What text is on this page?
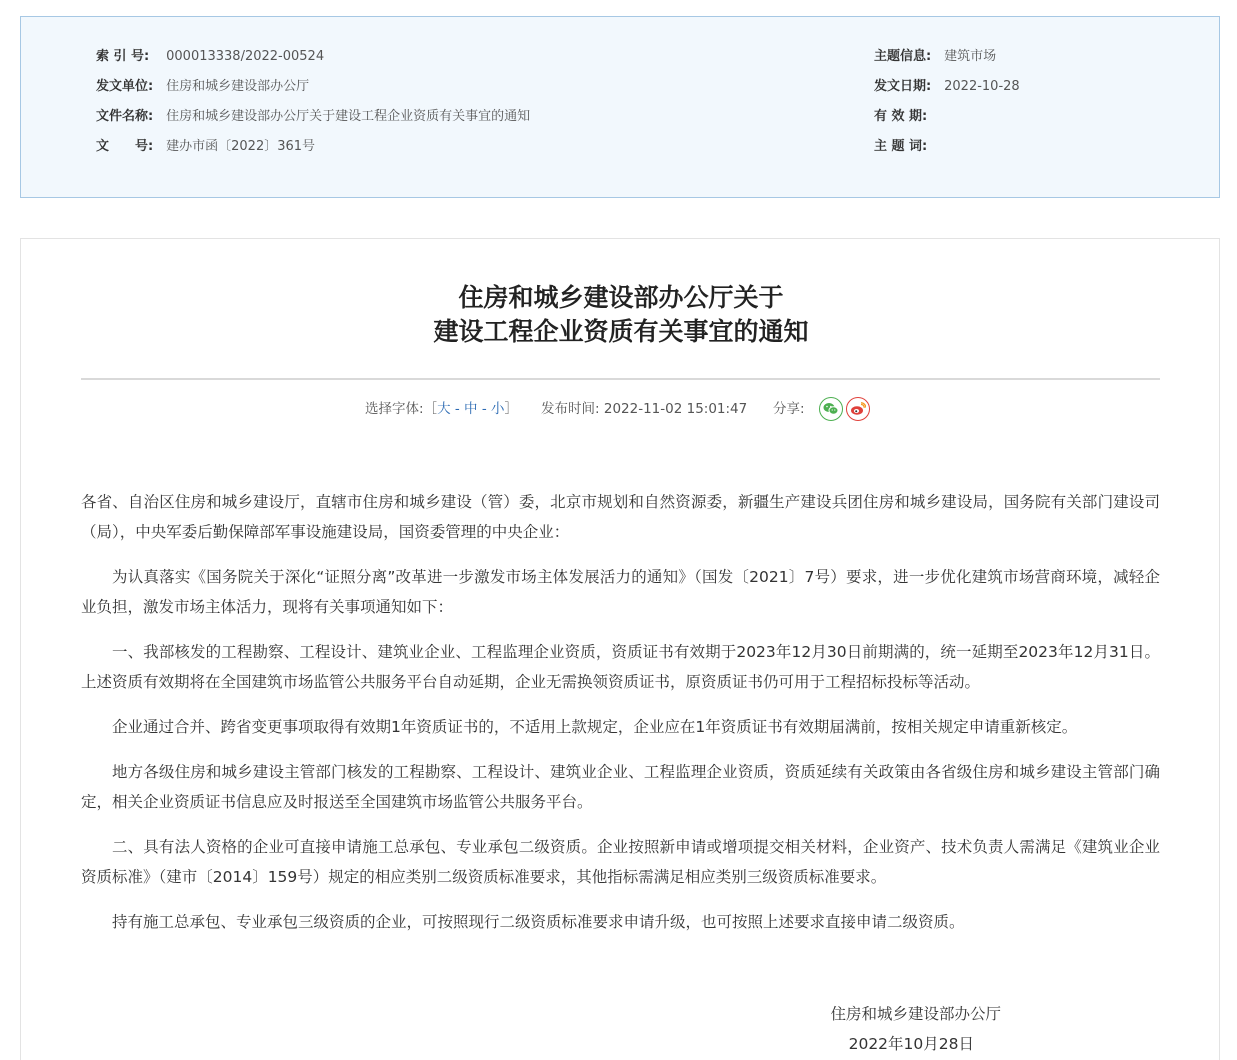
索 引 号: 000013338/2022-00524
发文单位: 住房和城乡建设部办公厅
文件名称: 住房和城乡建设部办公厅关于建设工程企业资质有关事宜的通知
文　　号: 建办市函〔2022〕361号
主题信息: 建筑市场
发文日期: 2022-10-28
有 效 期:
主 题 词:
住房和城乡建设部办公厅关于
建设工程企业资质有关事宜的通知
选择字体:［大 - 中 - 小］ 发布时间: 2022-11-02 15:01:47 分享:

各省、自治区住房和城乡建设厅，直辖市住房和城乡建设（管）委，北京市规划和自然资源委，新疆生产建设兵团住房和城乡建设局，国务院有关部门建设司（局），中央军委后勤保障部军事设施建设局，国资委管理的中央企业：

为认真落实《国务院关于深化“证照分离”改革进一步激发市场主体发展活力的通知》（国发〔2021〕7号）要求，进一步优化建筑市场营商环境，减轻企业负担，激发市场主体活力，现将有关事项通知如下：

一、我部核发的工程勘察、工程设计、建筑业企业、工程监理企业资质，资质证书有效期于2023年12月30日前期满的，统一延期至2023年12月31日。上述资质有效期将在全国建筑市场监管公共服务平台自动延期，企业无需换领资质证书，原资质证书仍可用于工程招标投标等活动。

企业通过合并、跨省变更事项取得有效期1年资质证书的，不适用上款规定，企业应在1年资质证书有效期届满前，按相关规定申请重新核定。

地方各级住房和城乡建设主管部门核发的工程勘察、工程设计、建筑业企业、工程监理企业资质，资质延续有关政策由各省级住房和城乡建设主管部门确定，相关企业资质证书信息应及时报送至全国建筑市场监管公共服务平台。

二、具有法人资格的企业可直接申请施工总承包、专业承包二级资质。企业按照新申请或增项提交相关材料，企业资产、技术负责人需满足《建筑业企业资质标准》（建市〔2014〕159号）规定的相应类别二级资质标准要求，其他指标需满足相应类别三级资质标准要求。

持有施工总承包、专业承包三级资质的企业，可按照现行二级资质标准要求申请升级，也可按照上述要求直接申请二级资质。

住房和城乡建设部办公厅
2022年10月28日
